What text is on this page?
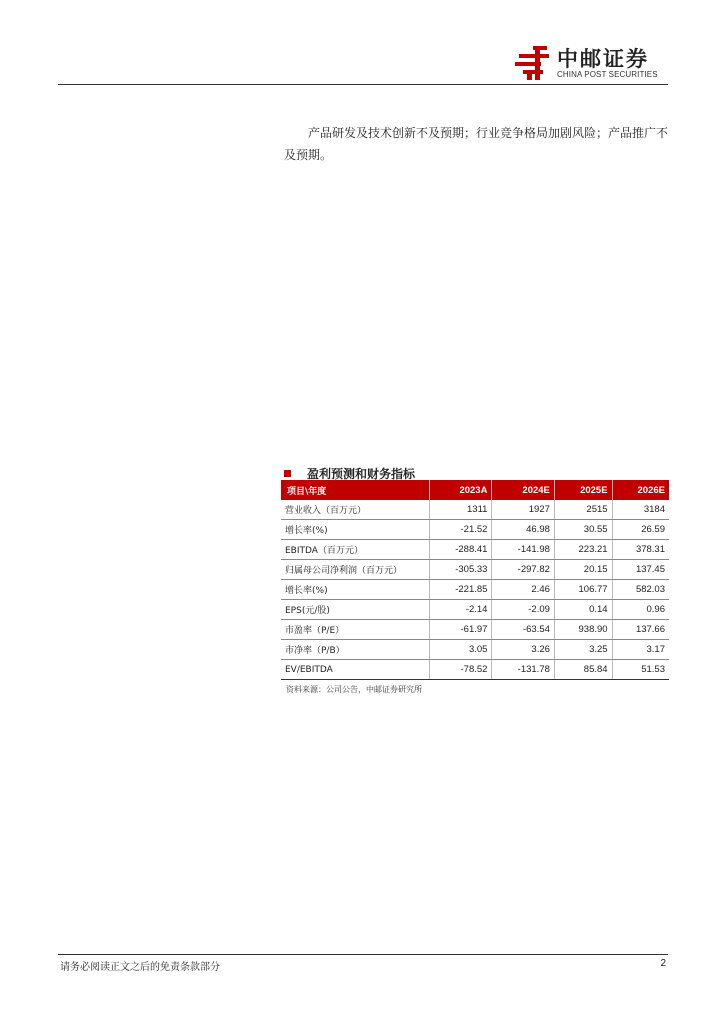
中邮证券
CHINA POST SECURITIES
产品研发及技术创新不及预期；行业竞争格局加剧风险；产品推广不及预期。
盈利预测和财务指标
项目\年度	2023A	2024E	2025E	2026E
营业收入（百万元）	1311	1927	2515	3184
增长率(%)	-21.52	46.98	30.55	26.59
EBITDA（百万元）	-288.41	-141.98	223.21	378.31
归属母公司净利润（百万元）	-305.33	-297.82	20.15	137.45
增长率(%)	-221.85	2.46	106.77	582.03
EPS(元/股)	-2.14	-2.09	0.14	0.96
市盈率（P/E）	-61.97	-63.54	938.90	137.66
市净率（P/B）	3.05	3.26	3.25	3.17
EV/EBITDA	-78.52	-131.78	85.84	51.53
资料来源：公司公告，中邮证券研究所
请务必阅读正文之后的免责条款部分	2
